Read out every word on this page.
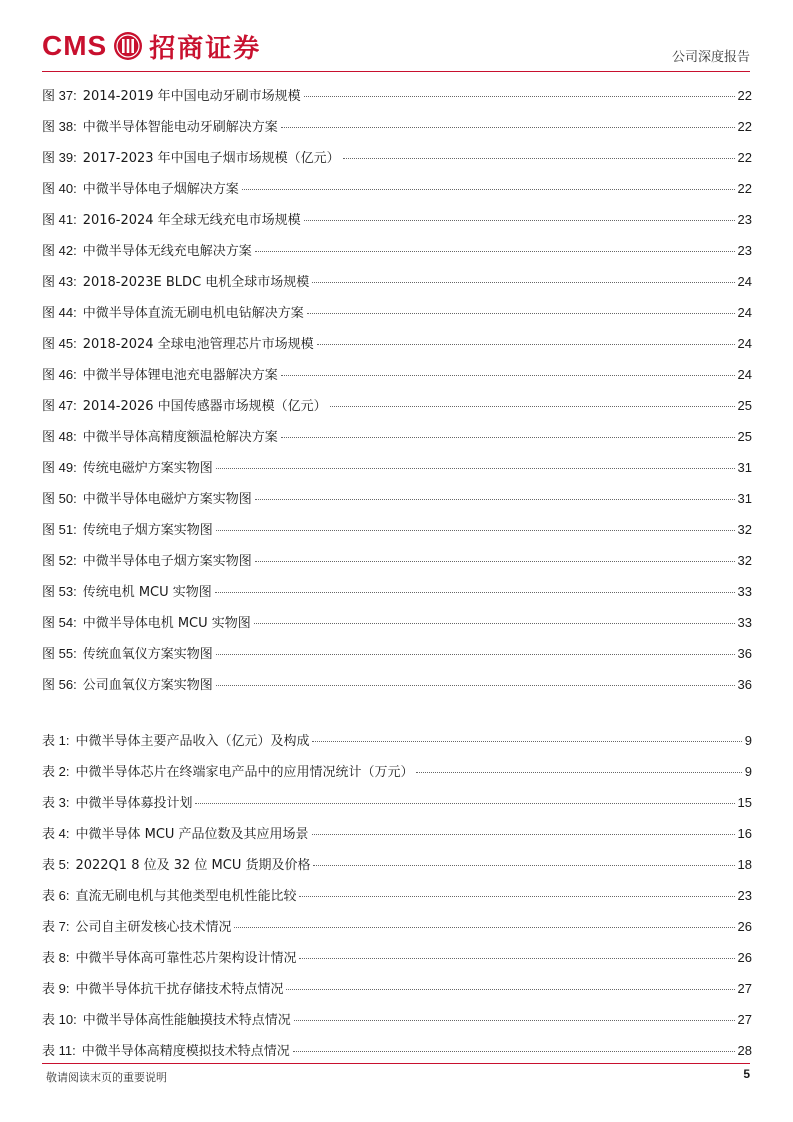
CMS 招商证券	公司深度报告
图 37: 2014-2019 年中国电动牙刷市场规模	22
图 38: 中微半导体智能电动牙刷解决方案	22
图 39: 2017-2023 年中国电子烟市场规模（亿元）	22
图 40: 中微半导体电子烟解决方案	22
图 41: 2016-2024 年全球无线充电市场规模	23
图 42: 中微半导体无线充电解决方案	23
图 43: 2018-2023E BLDC 电机全球市场规模	24
图 44: 中微半导体直流无刷电机电钻解决方案	24
图 45: 2018-2024 全球电池管理芯片市场规模	24
图 46: 中微半导体锂电池充电器解决方案	24
图 47: 2014-2026 中国传感器市场规模（亿元）	25
图 48: 中微半导体高精度额温枪解决方案	25
图 49: 传统电磁炉方案实物图	31
图 50: 中微半导体电磁炉方案实物图	31
图 51: 传统电子烟方案实物图	32
图 52: 中微半导体电子烟方案实物图	32
图 53: 传统电机 MCU 实物图	33
图 54: 中微半导体电机 MCU 实物图	33
图 55: 传统血氧仪方案实物图	36
图 56: 公司血氧仪方案实物图	36
表 1: 中微半导体主要产品收入（亿元）及构成	9
表 2: 中微半导体芯片在终端家电产品中的应用情况统计（万元）	9
表 3: 中微半导体募投计划	15
表 4: 中微半导体 MCU 产品位数及其应用场景	16
表 5: 2022Q1 8 位及 32 位 MCU 货期及价格	18
表 6: 直流无刷电机与其他类型电机性能比较	23
表 7: 公司自主研发核心技术情况	26
表 8: 中微半导体高可靠性芯片架构设计情况	26
表 9: 中微半导体抗干扰存储技术特点情况	27
表 10: 中微半导体高性能触摸技术特点情况	27
表 11: 中微半导体高精度模拟技术特点情况	28
敬请阅读末页的重要说明	5
